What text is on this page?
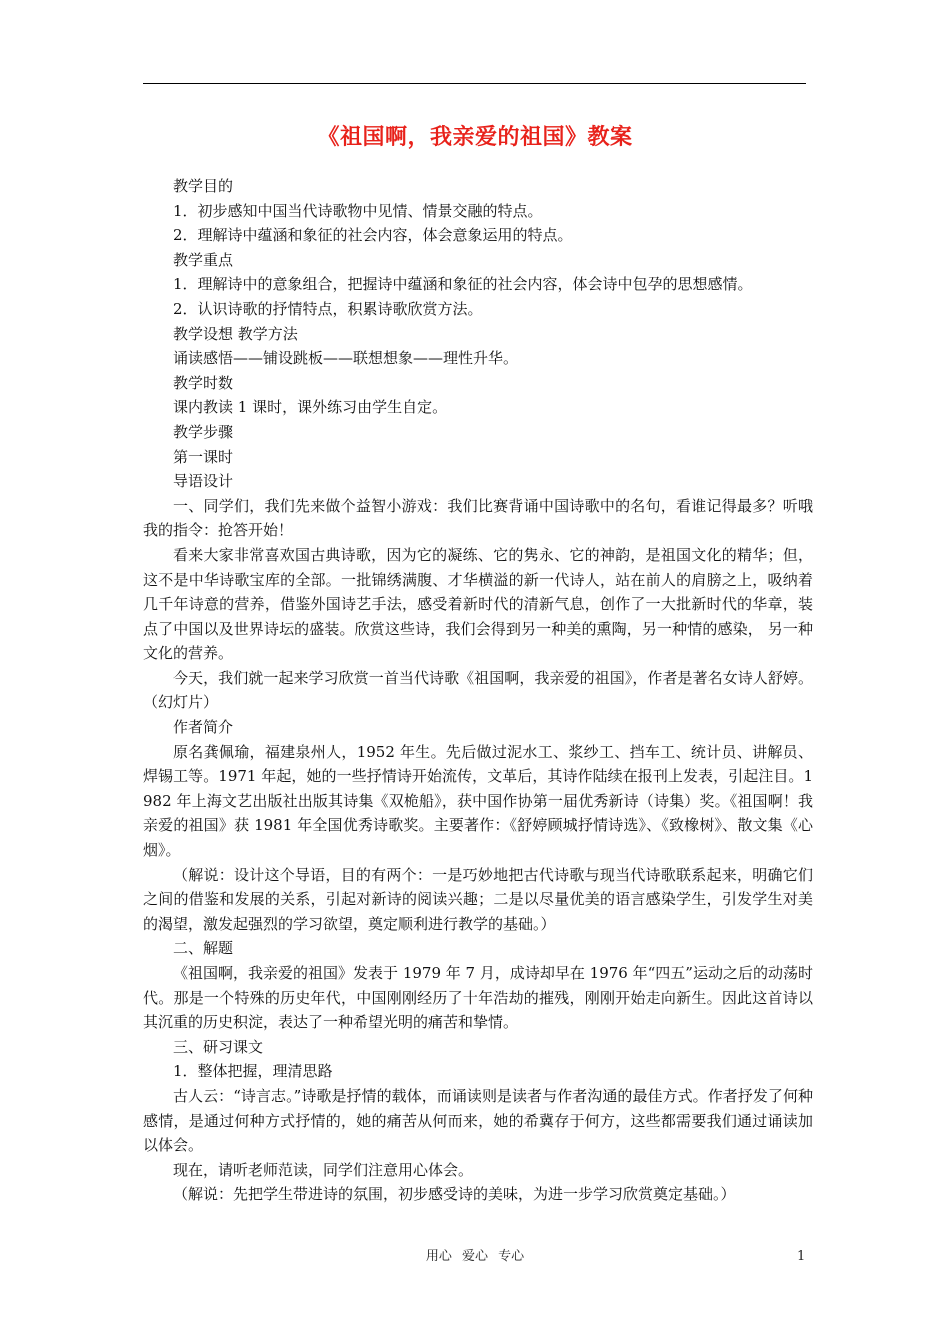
《祖国啊，我亲爱的祖国》教案

教学目的

1．初步感知中国当代诗歌物中见情、情景交融的特点。

2．理解诗中蕴涵和象征的社会内容，体会意象运用的特点。

教学重点

1．理解诗中的意象组合，把握诗中蕴涵和象征的社会内容，体会诗中包孕的思想感情。

2．认识诗歌的抒情特点，积累诗歌欣赏方法。

教学设想 教学方法

诵读感悟——铺设跳板——联想想象——理性升华。

教学时数

课内教读 1 课时，课外练习由学生自定。

教学步骤

第一课时

导语设计

一、同学们，我们先来做个益智小游戏：我们比赛背诵中国诗歌中的名句，看谁记得最多？听哦我的指令：抢答开始！

看来大家非常喜欢国古典诗歌，因为它的凝练、它的隽永、它的神韵，是祖国文化的精华；但，这不是中华诗歌宝库的全部。一批锦绣满腹、才华横溢的新一代诗人，站在前人的肩膀之上，吸纳着几千年诗意的营养，借鉴外国诗艺手法，感受着新时代的清新气息，创作了一大批新时代的华章，装点了中国以及世界诗坛的盛装。欣赏这些诗，我们会得到另一种美的熏陶，另一种情的感染， 另一种文化的营养。

今天，我们就一起来学习欣赏一首当代诗歌《祖国啊，我亲爱的祖国》，作者是著名女诗人舒婷。 （幻灯片）

作者简介

原名龚佩瑜，福建泉州人，1952 年生。先后做过泥水工、浆纱工、挡车工、统计员、讲解员、焊锡工等。1971 年起，她的一些抒情诗开始流传，文革后，其诗作陆续在报刊上发表，引起注目。1982 年上海文艺出版社出版其诗集《双桅船》，获中国作协第一届优秀新诗（诗集）奖。《祖国啊！我亲爱的祖国》获 1981 年全国优秀诗歌奖。主要著作：《舒婷顾城抒情诗选》、《致橡树》、散文集《心烟》。

（解说：设计这个导语，目的有两个：一是巧妙地把古代诗歌与现当代诗歌联系起来，明确它们之间的借鉴和发展的关系，引起对新诗的阅读兴趣；二是以尽量优美的语言感染学生，引发学生对美的渴望，激发起强烈的学习欲望，奠定顺利进行教学的基础。）

二、解题

《祖国啊，我亲爱的祖国》发表于 1979 年 7 月，成诗却早在 1976 年“四五”运动之后的动荡时代。那是一个特殊的历史年代，中国刚刚经历了十年浩劫的摧残，刚刚开始走向新生。因此这首诗以其沉重的历史积淀，表达了一种希望光明的痛苦和挚情。

三、研习课文

1．整体把握，理清思路

古人云：“诗言志。”诗歌是抒情的载体，而诵读则是读者与作者沟通的最佳方式。作者抒发了何种感情，是通过何种方式抒情的，她的痛苦从何而来，她的希冀存于何方，这些都需要我们通过诵读加以体会。

现在，请听老师范读，同学们注意用心体会。

（解说：先把学生带进诗的氛围，初步感受诗的美味，为进一步学习欣赏奠定基础。）

用心 爱心 专心	1
